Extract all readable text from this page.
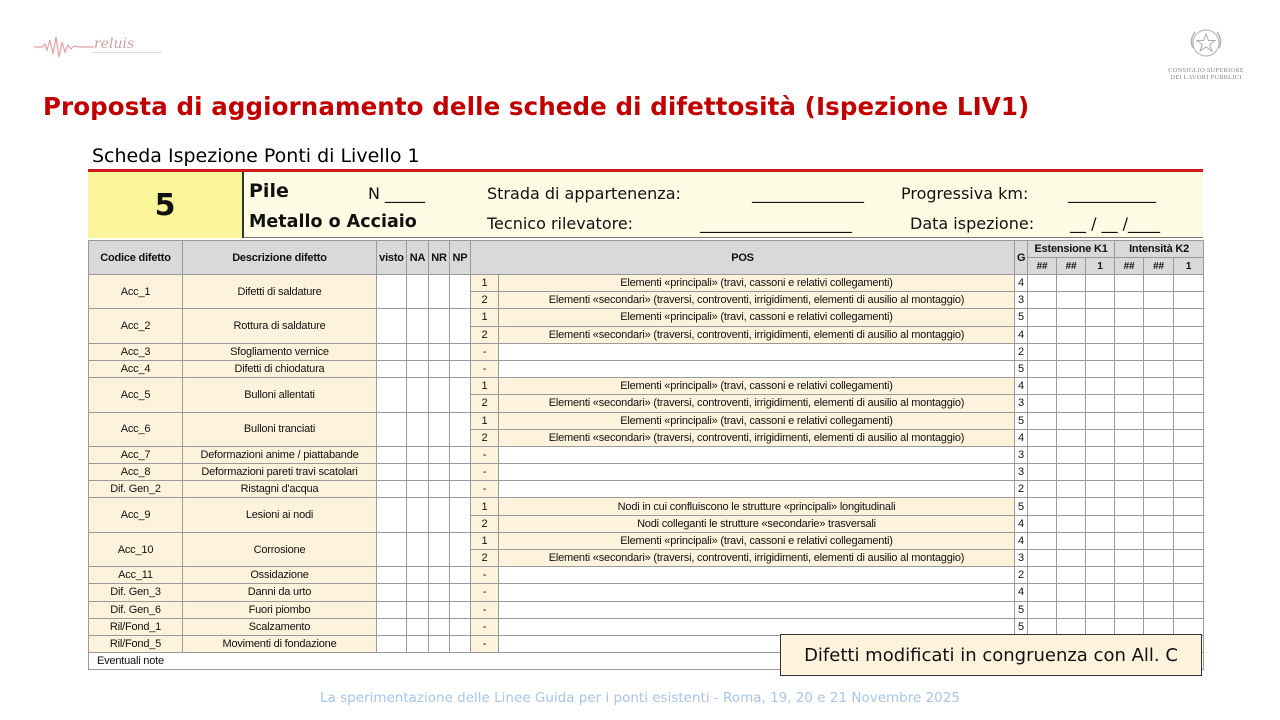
reluis
CONSIGLIO SUPERIORE
DEI LAVORI PUBBLICI
Proposta di aggiornamento delle schede di difettosità (Ispezione LIV1)
Scheda Ispezione Ponti di Livello 1
5	Pile
Metallo o Acciaio
N _____	Strada di appartenenza:	______________ Progressiva km: ___________
Tecnico rilevatore:	___________________	Data ispezione: __ / __ /____
Codice difetto	Descrizione difetto	visto	NA	NR	NP	POS		G	Estensione K1			Intensità K2		
									##	##	1	##	##	1
Acc_1	Difetti di saldature					1	Elementi «principali» (travi, cassoni e relativi collegamenti)	4						
						2	Elementi «secondari» (traversi, controventi, irrigidimenti, elementi di ausilio al montaggio)	3						
Acc_2	Rottura di saldature					1	Elementi «principali» (travi, cassoni e relativi collegamenti)	5						
						2	Elementi «secondari» (traversi, controventi, irrigidimenti, elementi di ausilio al montaggio)	4						
Acc_3	Sfogliamento vernice					-		2						
Acc_4	Difetti di chiodatura					-		5						
Acc_5	Bulloni allentati					1	Elementi «principali» (travi, cassoni e relativi collegamenti)	4						
						2	Elementi «secondari» (traversi, controventi, irrigidimenti, elementi di ausilio al montaggio)	3						
Acc_6	Bulloni tranciati					1	Elementi «principali» (travi, cassoni e relativi collegamenti)	5						
						2	Elementi «secondari» (traversi, controventi, irrigidimenti, elementi di ausilio al montaggio)	4						
Acc_7	Deformazioni anime / piattabande					-		3						
Acc_8	Deformazioni pareti travi scatolari					-		3						
Dif. Gen_2	Ristagni d'acqua					-		2						
Acc_9	Lesioni ai nodi					1	Nodi in cui confluiscono le strutture «principali» longitudinali	5						
						2	Nodi colleganti le strutture «secondarie» trasversali	4						
Acc_10	Corrosione					1	Elementi «principali» (travi, cassoni e relativi collegamenti)	4						
						2	Elementi «secondari» (traversi, controventi, irrigidimenti, elementi di ausilio al montaggio)	3						
Acc_11	Ossidazione					-		2						
Dif. Gen_3	Danni da urto					-		4						
Dif. Gen_6	Fuori piombo					-		5						
Ril/Fond_1	Scalzamento					-		5						
Ril/Fond_5	Movimenti di fondazione					-								
Eventuali note															Difetti modificati in congruenza con All. C
La sperimentazione delle Linee Guida per i ponti esistenti - Roma, 19, 20 e 21 Novembre 2025
